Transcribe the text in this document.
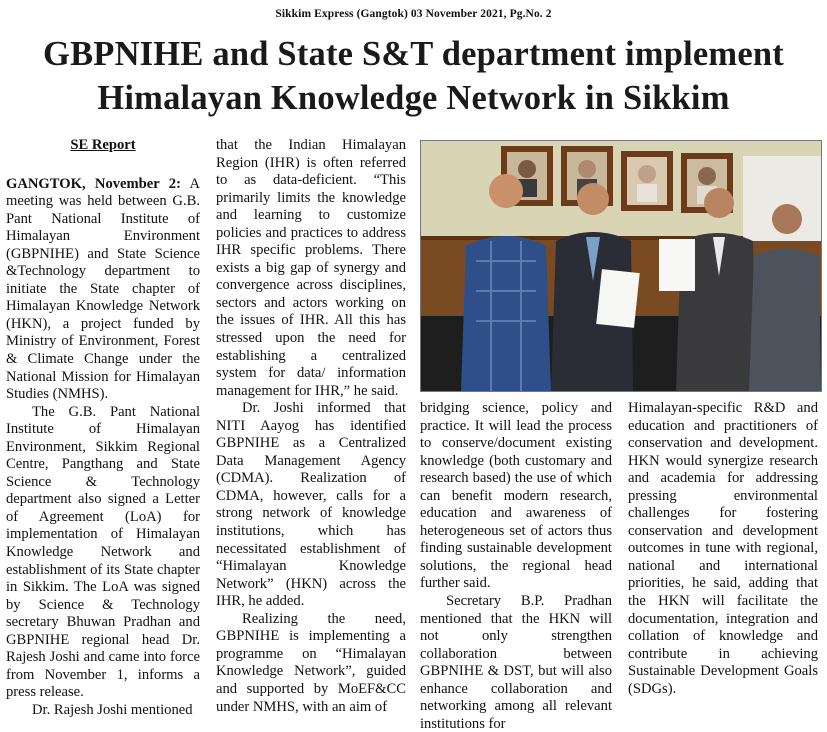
Sikkim Express (Gangtok) 03 November 2021, Pg.No. 2
GBPNIHE and State S&T department implement
Himalayan Knowledge Network in Sikkim
SE Report

GANGTOK, November 2: A meeting was held between G.B. Pant National Institute of Himalayan Environment (GBPNIHE) and State Science &Technology department to initiate the State chapter of Himalayan Knowledge Network (HKN), a project funded by Ministry of Environment, Forest & Climate Change under the National Mission for Himalayan Studies (NMHS).

The G.B. Pant National Institute of Himalayan Environment, Sikkim Regional Centre, Pangthang and State Science & Technology department also signed a Letter of Agreement (LoA) for implementation of Himalayan Knowledge Network and establishment of its State chapter in Sikkim. The LoA was signed by Science & Technology secretary Bhuwan Pradhan and GBPNIHE regional head Dr. Rajesh Joshi and came into force from November 1, informs a press release.

Dr. Rajesh Joshi mentioned

that the Indian Himalayan Region (IHR) is often referred to as data-deficient. “This primarily limits the knowledge and learning to customize policies and practices to address IHR specific problems. There exists a big gap of synergy and convergence across disciplines, sectors and actors working on the issues of IHR. All this has stressed upon the need for establishing a centralized system for data/ information management for IHR,” he said.

Dr. Joshi informed that NITI Aayog has identified GBPNIHE as a Centralized Data Management Agency (CDMA). Realization of CDMA, however, calls for a strong network of knowledge institutions, which has necessitated establishment of “Himalayan Knowledge Network” (HKN) across the IHR, he added.

Realizing the need, GBPNIHE is implementing a programme on “Himalayan Knowledge Network”, guided and supported by MoEF&CC under NMHS, with an aim of

bridging science, policy and practice. It will lead the process to conserve/document existing knowledge (both customary and research based) the use of which can benefit modern research, education and awareness of heterogeneous set of actors thus finding sustainable development solutions, the regional head further said.

Secretary B.P. Pradhan mentioned that the HKN will not only strengthen collaboration between GBPNIHE & DST, but will also enhance collaboration and networking among all relevant institutions for

Himalayan-specific R&D and education and practitioners of conservation and development. HKN would synergize research and academia for addressing pressing environmental challenges for fostering conservation and development outcomes in tune with regional, national and international priorities, he said, adding that the HKN will facilitate the documentation, integration and collation of knowledge and contribute in achieving Sustainable Development Goals (SDGs).
